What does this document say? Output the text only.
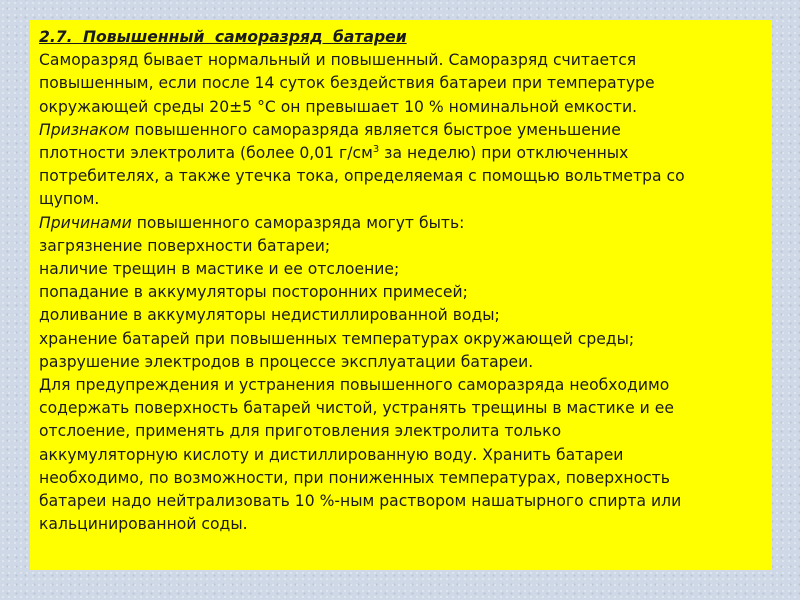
2.7. Повышенный саморазряд батареи
Саморазряд бывает нормальный и повышенный. Саморазряд считается
повышенным, если после 14 суток бездействия батареи при температуре
окружающей среды 20±5 °С он превышает 10 % номинальной емкости.
Признаком повышенного саморазряда является быстрое уменьшение
плотности электролита (более 0,01 $г/см^3$ за неделю) при отключенных
потребителях, а также утечка тока, определяемая с помощью вольтметра со
щупом.
Причинами повышенного саморазряда могут быть:
загрязнение поверхности батареи;
наличие трещин в мастике и ее отслоение;
попадание в аккумуляторы посторонних примесей;
доливание в аккумуляторы недистиллированной воды;
хранение батарей при повышенных температурах окружающей среды;
разрушение электродов в процессе эксплуатации батареи.
Для предупреждения и устранения повышенного саморазряда необходимо
содержать поверхность батарей чистой, устранять трещины в мастике и ее
отслоение, применять для приготовления электролита только
аккумуляторную кислоту и дистиллированную воду. Хранить батареи
необходимо, по возможности, при пониженных температурах, поверхность
батареи надо нейтрализовать 10 %-ным раствором нашатырного спирта или
кальцинированной соды.
